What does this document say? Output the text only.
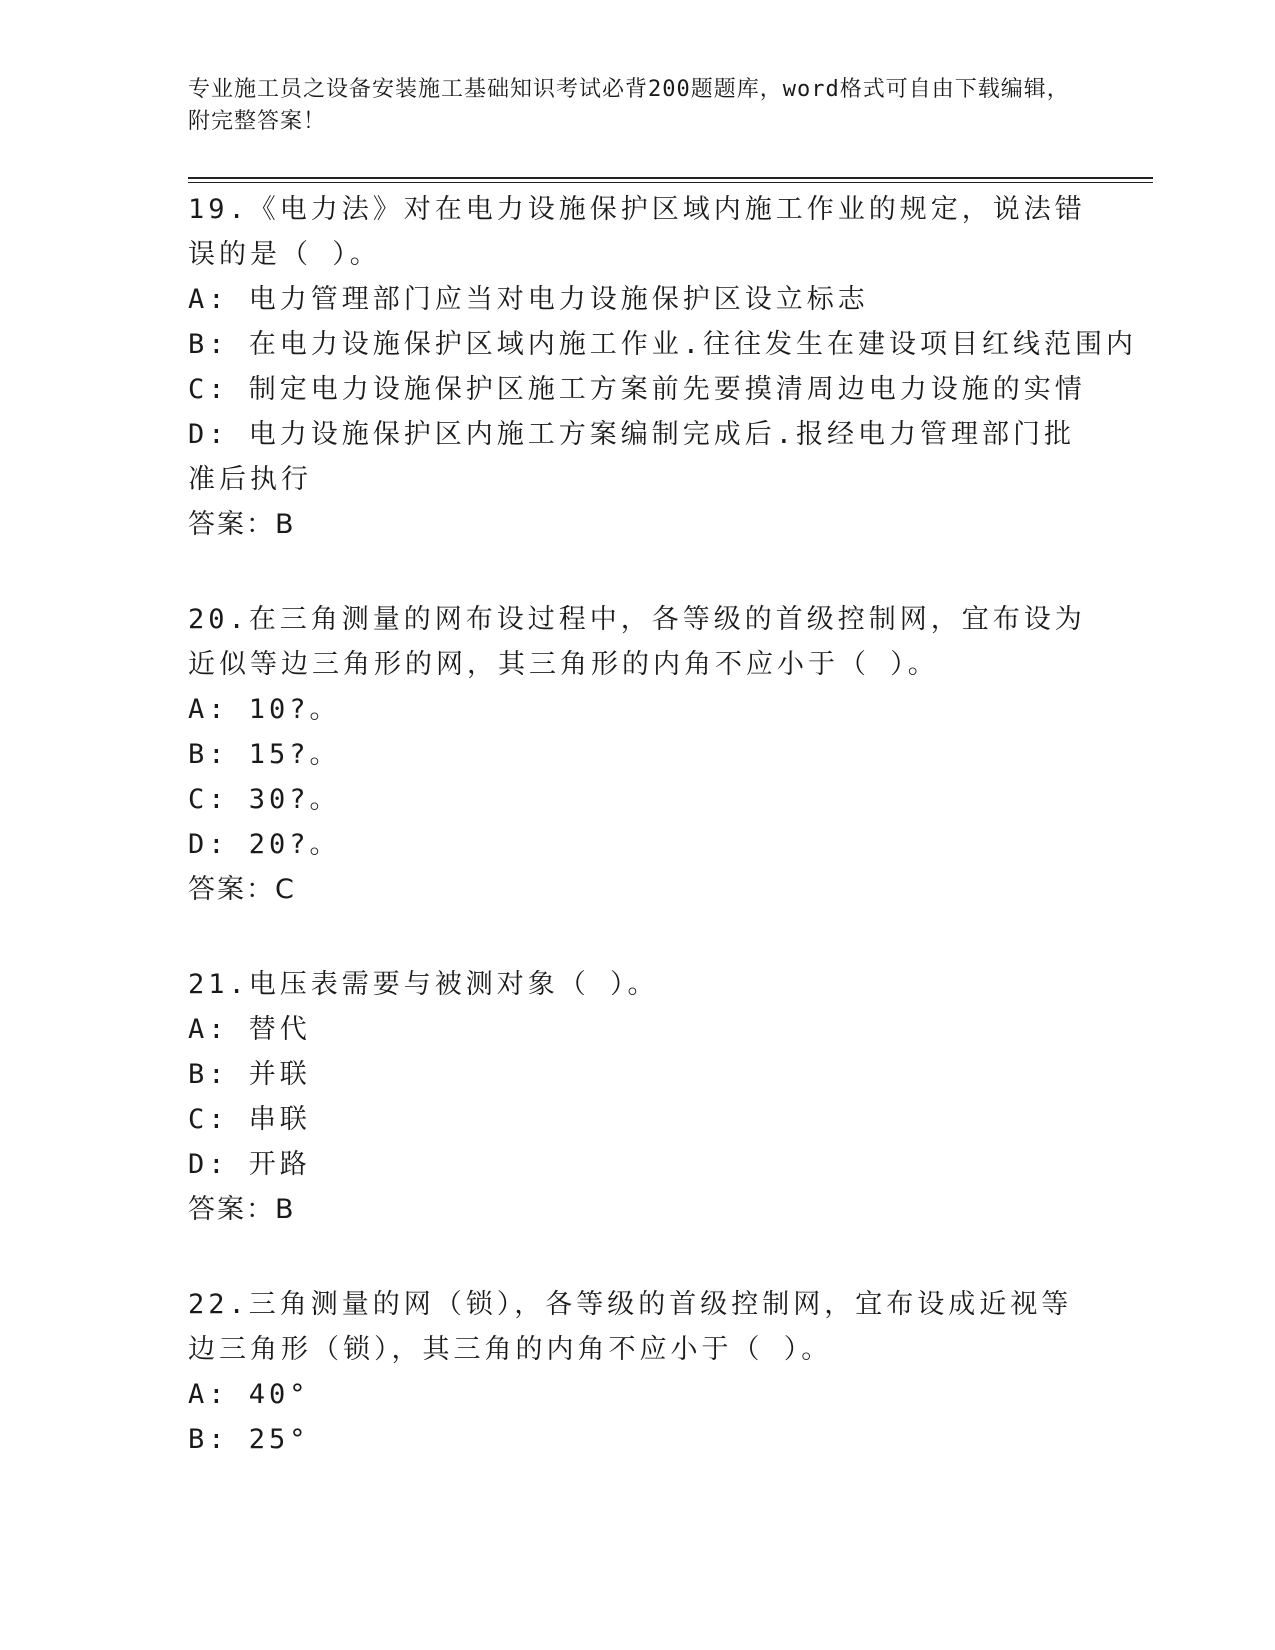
专业施工员之设备安装施工基础知识考试必背200题题库，word格式可自由下载编辑，附完整答案！
19.《电力法》对在电力设施保护区域内施工作业的规定，说法错误的是（ ）。
A: 电力管理部门应当对电力设施保护区设立标志
B: 在电力设施保护区域内施工作业.往往发生在建设项目红线范围内
C: 制定电力设施保护区施工方案前先要摸清周边电力设施的实情
D: 电力设施保护区内施工方案编制完成后.报经电力管理部门批准后执行
答案：B
20.在三角测量的网布设过程中，各等级的首级控制网，宜布设为近似等边三角形的网，其三角形的内角不应小于（ ）。
A: 10?。
B: 15?。
C: 30?。
D: 20?。
答案：C
21.电压表需要与被测对象（ ）。
A: 替代
B: 并联
C: 串联
D: 开路
答案：B
22.三角测量的网（锁），各等级的首级控制网，宜布设成近视等边三角形（锁），其三角的内角不应小于（ ）。
A: 40°
B: 25°
